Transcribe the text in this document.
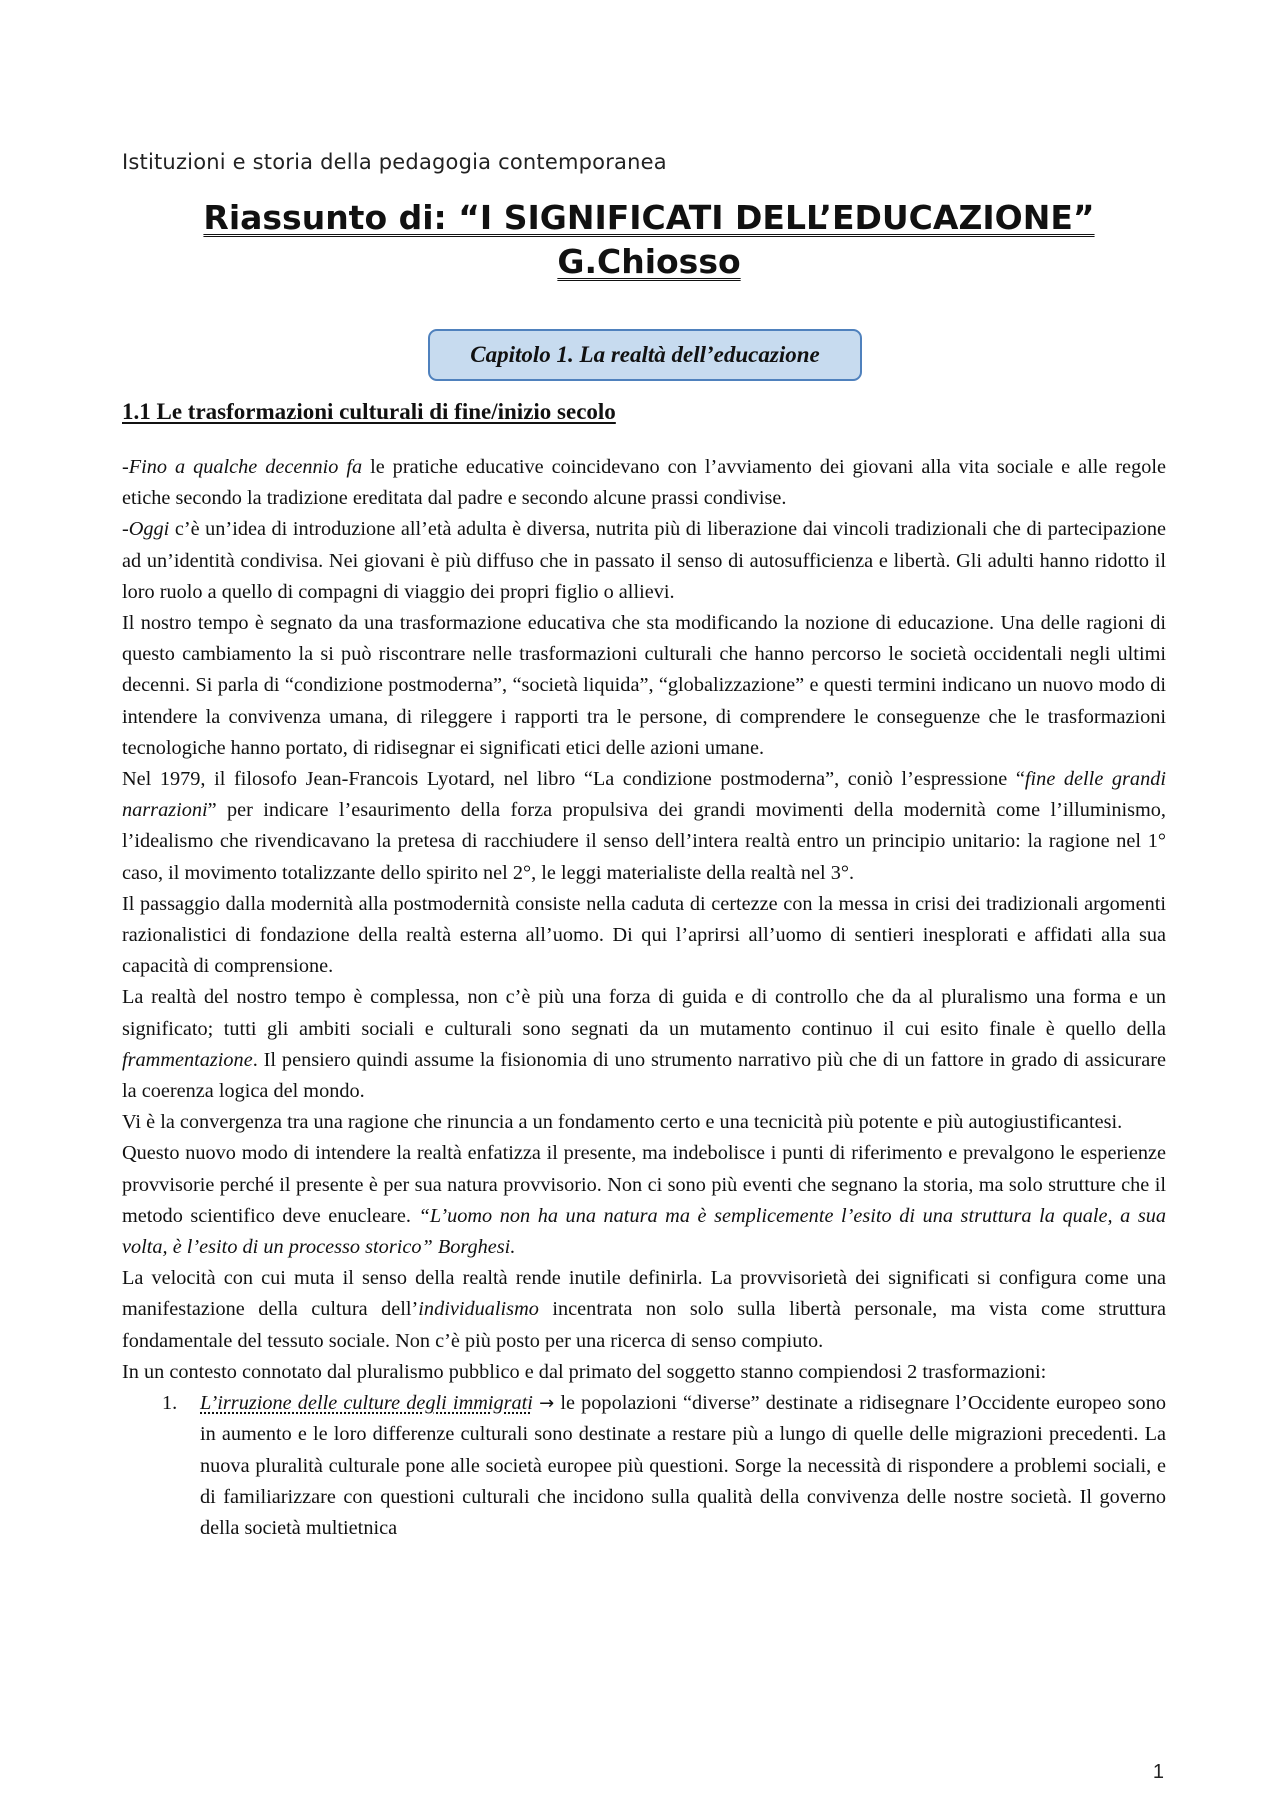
Istituzioni e storia della pedagogia contemporanea
Riassunto di: “I SIGNIFICATI DELL’EDUCAZIONE”
G.Chiosso
Capitolo 1. La realtà dell’educazione
1.1 Le trasformazioni culturali di fine/inizio secolo

-Fino a qualche decennio fa le pratiche educative coincidevano con l’avviamento dei giovani alla vita sociale e alle regole etiche secondo la tradizione ereditata dal padre e secondo alcune prassi condivise.

-Oggi c’è un’idea di introduzione all’età adulta è diversa, nutrita più di liberazione dai vincoli tradizionali che di partecipazione ad un’identità condivisa. Nei giovani è più diffuso che in passato il senso di autosufficienza e libertà. Gli adulti hanno ridotto il loro ruolo a quello di compagni di viaggio dei propri figlio o allievi.

Il nostro tempo è segnato da una trasformazione educativa che sta modificando la nozione di educazione. Una delle ragioni di questo cambiamento la si può riscontrare nelle trasformazioni culturali che hanno percorso le società occidentali negli ultimi decenni. Si parla di “condizione postmoderna”, “società liquida”, “globalizzazione” e questi termini indicano un nuovo modo di intendere la convivenza umana, di rileggere i rapporti tra le persone, di comprendere le conseguenze che le trasformazioni tecnologiche hanno portato, di ridisegnar ei significati etici delle azioni umane.

Nel 1979, il filosofo Jean-Francois Lyotard, nel libro “La condizione postmoderna”, coniò l’espressione “fine delle grandi narrazioni” per indicare l’esaurimento della forza propulsiva dei grandi movimenti della modernità come l’illuminismo, l’idealismo che rivendicavano la pretesa di racchiudere il senso dell’intera realtà entro un principio unitario: la ragione nel 1° caso, il movimento totalizzante dello spirito nel 2°, le leggi materialiste della realtà nel 3°.

Il passaggio dalla modernità alla postmodernità consiste nella caduta di certezze con la messa in crisi dei tradizionali argomenti razionalistici di fondazione della realtà esterna all’uomo. Di qui l’aprirsi all’uomo di sentieri inesplorati e affidati alla sua capacità di comprensione.

La realtà del nostro tempo è complessa, non c’è più una forza di guida e di controllo che da al pluralismo una forma e un significato; tutti gli ambiti sociali e culturali sono segnati da un mutamento continuo il cui esito finale è quello della frammentazione. Il pensiero quindi assume la fisionomia di uno strumento narrativo più che di un fattore in grado di assicurare la coerenza logica del mondo.

Vi è la convergenza tra una ragione che rinuncia a un fondamento certo e una tecnicità più potente e più autogiustificantesi.

Questo nuovo modo di intendere la realtà enfatizza il presente, ma indebolisce i punti di riferimento e prevalgono le esperienze provvisorie perché il presente è per sua natura provvisorio. Non ci sono più eventi che segnano la storia, ma solo strutture che il metodo scientifico deve enucleare. “L’uomo non ha una natura ma è semplicemente l’esito di una struttura la quale, a sua volta, è l’esito di un processo storico” Borghesi.

La velocità con cui muta il senso della realtà rende inutile definirla. La provvisorietà dei significati si configura come una manifestazione della cultura dell’individualismo incentrata non solo sulla libertà personale, ma vista come struttura fondamentale del tessuto sociale. Non c’è più posto per una ricerca di senso compiuto.

In un contesto connotato dal pluralismo pubblico e dal primato del soggetto stanno compiendosi 2 trasformazioni:

1. L’irruzione delle culture degli immigrati → le popolazioni “diverse” destinate a ridisegnare l’Occidente europeo sono in aumento e le loro differenze culturali sono destinate a restare più a lungo di quelle delle migrazioni precedenti. La nuova pluralità culturale pone alle società europee più questioni. Sorge la necessità di rispondere a problemi sociali, e di familiarizzare con questioni culturali che incidono sulla qualità della convivenza delle nostre società. Il governo della società multietnica
1
